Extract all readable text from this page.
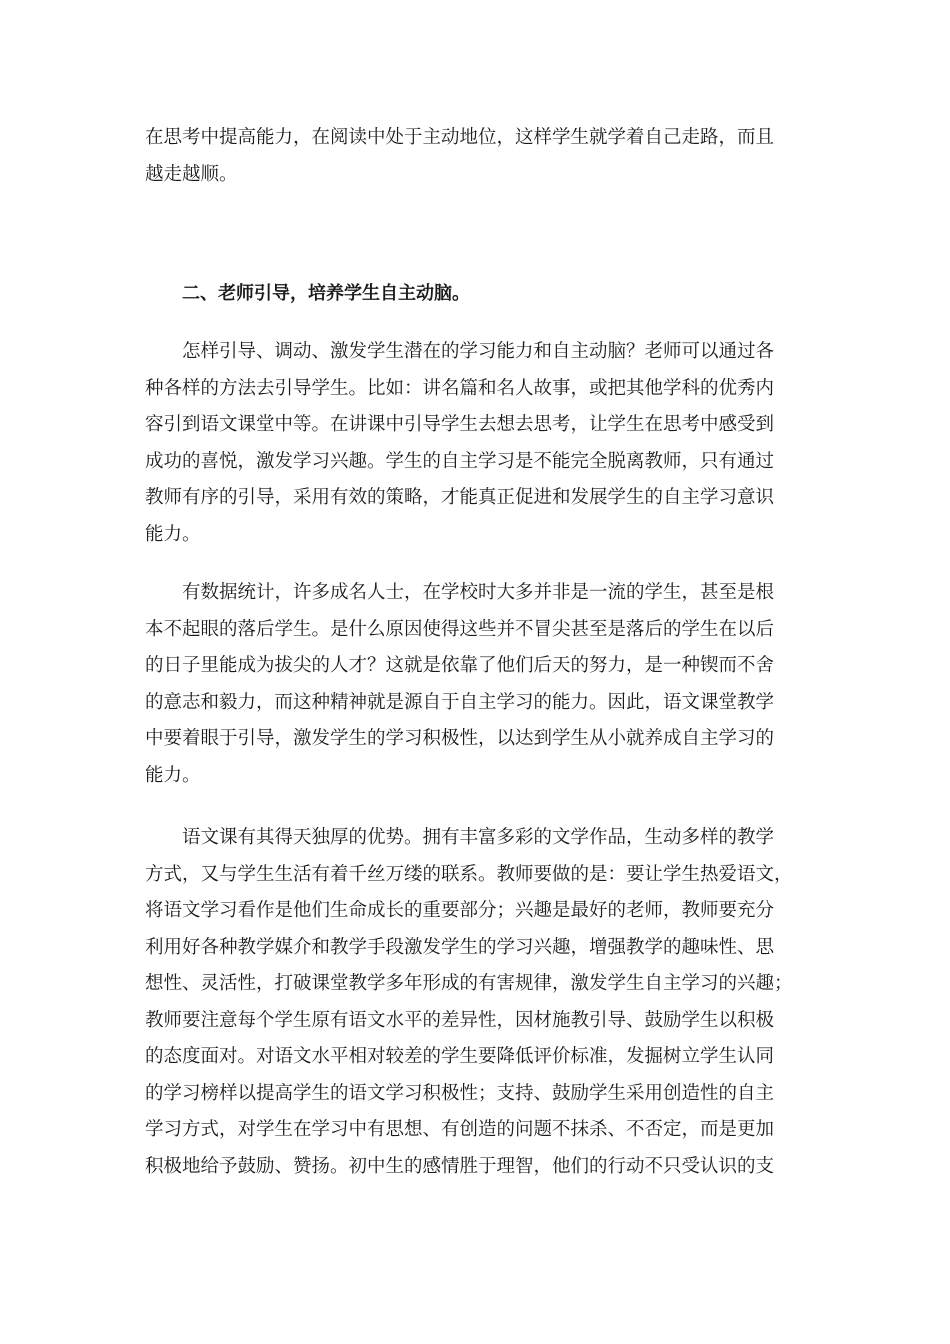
在思考中提高能力，在阅读中处于主动地位，这样学生就学着自己走路，而且
越走越顺。
二、老师引导，培养学生自主动脑。
怎样引导、调动、激发学生潜在的学习能力和自主动脑？老师可以通过各
种各样的方法去引导学生。比如：讲名篇和名人故事，或把其他学科的优秀内
容引到语文课堂中等。在讲课中引导学生去想去思考，让学生在思考中感受到
成功的喜悦，激发学习兴趣。学生的自主学习是不能完全脱离教师，只有通过
教师有序的引导，采用有效的策略，才能真正促进和发展学生的自主学习意识
能力。
有数据统计，许多成名人士，在学校时大多并非是一流的学生，甚至是根
本不起眼的落后学生。是什么原因使得这些并不冒尖甚至是落后的学生在以后
的日子里能成为拔尖的人才？这就是依靠了他们后天的努力，是一种锲而不舍
的意志和毅力，而这种精神就是源自于自主学习的能力。因此，语文课堂教学
中要着眼于引导，激发学生的学习积极性，以达到学生从小就养成自主学习的
能力。
语文课有其得天独厚的优势。拥有丰富多彩的文学作品，生动多样的教学
方式，又与学生生活有着千丝万缕的联系。教师要做的是：要让学生热爱语文，
将语文学习看作是他们生命成长的重要部分；兴趣是最好的老师，教师要充分
利用好各种教学媒介和教学手段激发学生的学习兴趣，增强教学的趣味性、思
想性、灵活性，打破课堂教学多年形成的有害规律，激发学生自主学习的兴趣；
教师要注意每个学生原有语文水平的差异性，因材施教引导、鼓励学生以积极
的态度面对。对语文水平相对较差的学生要降低评价标准，发掘树立学生认同
的学习榜样以提高学生的语文学习积极性；支持、鼓励学生采用创造性的自主
学习方式，对学生在学习中有思想、有创造的问题不抹杀、不否定，而是更加
积极地给予鼓励、赞扬。初中生的感情胜于理智，他们的行动不只受认识的支
